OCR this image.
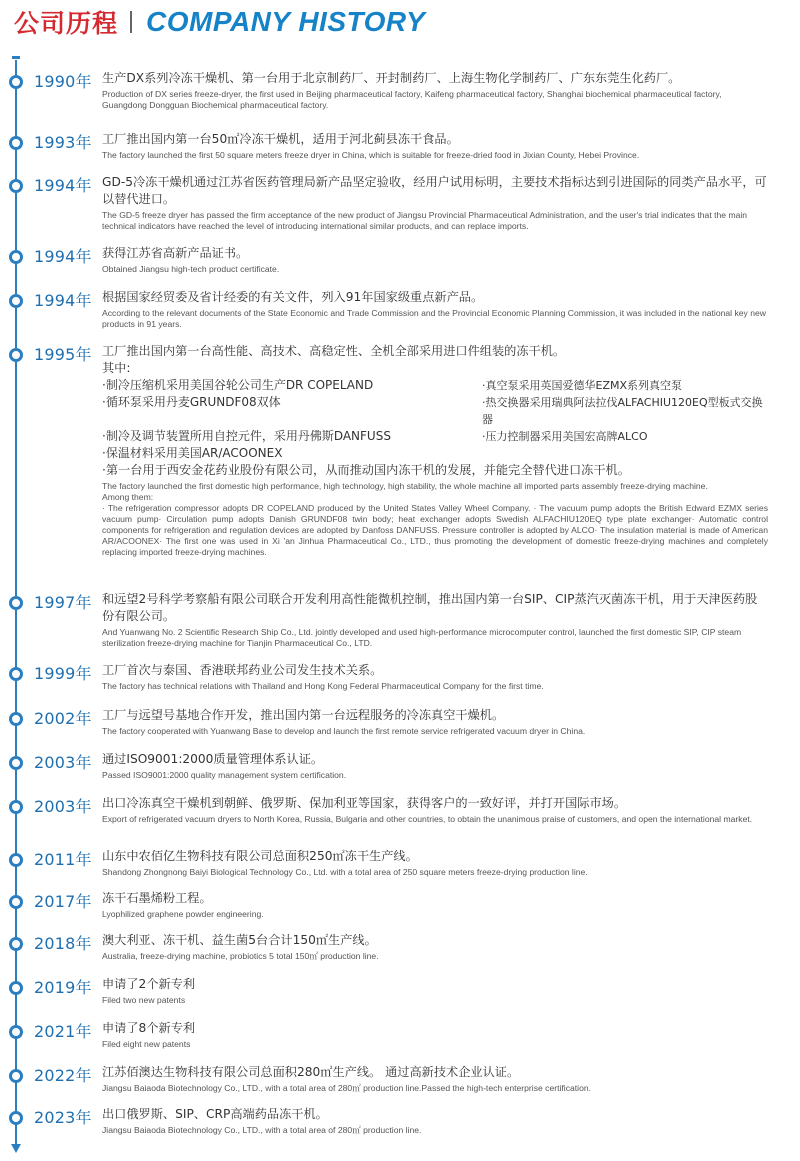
公司历程 COMPANY HISTORY
1990年 生产DX系列冷冻干燥机、第一台用于北京制药厂、开封制药厂、上海生物化学制药厂、广东东莞生化药厂。
Production of DX series freeze-dryer, the first used in Beijing pharmaceutical factory, Kaifeng pharmaceutical factory, Shanghai biochemical pharmaceutical factory, Guangdong Dongguan Biochemical pharmaceutical factory.
1993年 工厂推出国内第一台50㎡冷冻干燥机，适用于河北蓟县冻干食品。
The factory launched the first 50 square meters freeze dryer in China, which is suitable for freeze-dried food in Jixian County, Hebei Province.
1994年 GD-5冷冻干燥机通过江苏省医药管理局新产品坚定验收，经用户试用标明，主要技术指标达到引进国际的同类产品水平，可以替代进口。
The GD-5 freeze dryer has passed the firm acceptance of the new product of Jiangsu Provincial Pharmaceutical Administration, and the user's trial indicates that the main technical indicators have reached the level of introducing international similar products, and can replace imports.
1994年 获得江苏省高新产品证书。
Obtained Jiangsu high-tech product certificate.
1994年 根据国家经贸委及省计经委的有关文件，列入91年国家级重点新产品。
According to the relevant documents of the State Economic and Trade Commission and the Provincial Economic Planning Commission, it was included in the national key new products in 91 years.
1995年 工厂推出国内第一台高性能、高技术、高稳定性、全机全部采用进口件组装的冻干机。
其中:
·制冷压缩机采用美国谷轮公司生产DR COPELAND	·真空泵采用英国爱德华EZMX系列真空泵
·循环泵采用丹麦GRUNDF08双体	·热交换器采用瑞典阿法拉伐ALFACHIU120EQ型板式交换器
·制冷及调节装置所用自控元件，采用丹佛斯DANFUSS	·压力控制器采用美国宏高牌ALCO
·保温材料采用美国AR/ACOONEX
·第一台用于西安金花药业股份有限公司，从而推动国内冻干机的发展，并能完全替代进口冻干机。
The factory launched the first domestic high performance, high technology, high stability, the whole machine all imported parts assembly freeze-drying machine.
Among them:
· The refrigeration compressor adopts DR COPELAND produced by the United States Valley Wheel Company. · The vacuum pump adopts the British Edward EZMX series vacuum pump· Circulation pump adopts Danish GRUNDF08 twin body; heat exchanger adopts Swedish ALFACHIU120EQ type plate exchanger· Automatic control components for refrigeration and regulation devices are adopted by Danfoss DANFUSS. Pressure controller is adopted by ALCO· The insulation material is made of American AR/ACOONEX· The first one was used in Xi 'an Jinhua Pharmaceutical Co., LTD., thus promoting the development of domestic freeze-drying machines and completely replacing imported freeze-drying machines.
1997年 和远望2号科学考察船有限公司联合开发利用高性能微机控制，推出国内第一台SIP、CIP蒸汽灭菌冻干机，用于天津医药股份有限公司。
And Yuanwang No. 2 Scientific Research Ship Co., Ltd. jointly developed and used high-performance microcomputer control, launched the first domestic SIP, CIP steam sterilization freeze-drying machine for Tianjin Pharmaceutical Co., LTD.
1999年 工厂首次与泰国、香港联邦药业公司发生技术关系。
The factory has technical relations with Thailand and Hong Kong Federal Pharmaceutical Company for the first time.
2002年 工厂与远望号基地合作开发，推出国内第一台远程服务的冷冻真空干燥机。
The factory cooperated with Yuanwang Base to develop and launch the first remote service refrigerated vacuum dryer in China.
2003年 通过ISO9001:2000质量管理体系认证。
Passed ISO9001:2000 quality management system certification.
2003年 出口冷冻真空干燥机到朝鲜、俄罗斯、保加利亚等国家，获得客户的一致好评，并打开国际市场。
Export of refrigerated vacuum dryers to North Korea, Russia, Bulgaria and other countries, to obtain the unanimous praise of customers, and open the international market.
2011年 山东中农佰亿生物科技有限公司总面积250㎡冻干生产线。
Shandong Zhongnong Baiyi Biological Technology Co., Ltd. with a total area of 250 square meters freeze-drying production line.
2017年 冻干石墨烯粉工程。
Lyophilized graphene powder engineering.
2018年 澳大利亚、冻干机、益生菌5台合计150㎡生产线。
Australia, freeze-drying machine, probiotics 5 total 150㎡ production line.
2019年 申请了2个新专利
Filed two new patents
2021年 申请了8个新专利
Filed eight new patents
2022年 江苏佰澳达生物科技有限公司总面积280㎡生产线。 通过高新技术企业认证。
Jiangsu Baiaoda Biotechnology Co., LTD., with a total area of 280㎡ production line.Passed the high-tech enterprise certification.
2023年 出口俄罗斯、SIP、CRP高端药品冻干机。
Jiangsu Baiaoda Biotechnology Co., LTD., with a total area of 280㎡ production line.
